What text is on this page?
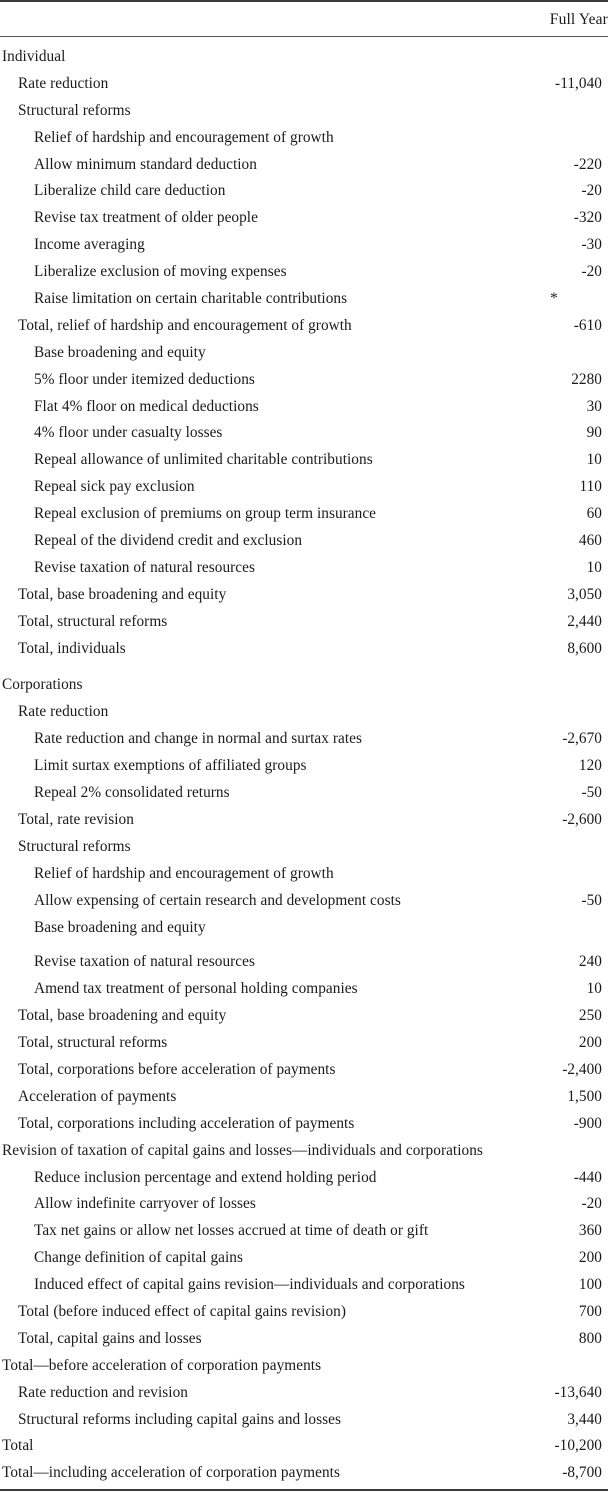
	Full Year

Individual	
Rate reduction	-11,040
Structural reforms	
Relief of hardship and encouragement of growth	
Allow minimum standard deduction	-220
Liberalize child care deduction	-20
Revise tax treatment of older people	-320
Income averaging	-30
Liberalize exclusion of moving expenses	-20
Raise limitation on certain charitable contributions	*
Total, relief of hardship and encouragement of growth	-610
Base broadening and equity	
5% floor under itemized deductions	2280
Flat 4% floor on medical deductions	30
4% floor under casualty losses	90
Repeal allowance of unlimited charitable contributions	10
Repeal sick pay exclusion	110
Repeal exclusion of premiums on group term insurance	60
Repeal of the dividend credit and exclusion	460
Revise taxation of natural resources	10
Total, base broadening and equity	3,050
Total, structural reforms	2,440
Total, individuals	8,600
Corporations	
Rate reduction	
Rate reduction and change in normal and surtax rates	-2,670
Limit surtax exemptions of affiliated groups	120
Repeal 2% consolidated returns	-50
Total, rate revision	-2,600
Structural reforms	
Relief of hardship and encouragement of growth	
Allow expensing of certain research and development costs	-50
Base broadening and equity	
Revise taxation of natural resources	240
Amend tax treatment of personal holding companies	10
Total, base broadening and equity	250
Total, structural reforms	200
Total, corporations before acceleration of payments	-2,400
Acceleration of payments	1,500
Total, corporations including acceleration of payments	-900
Revision of taxation of capital gains and losses—individuals and corporations	
Reduce inclusion percentage and extend holding period	-440
Allow indefinite carryover of losses	-20
Tax net gains or allow net losses accrued at time of death or gift	360
Change definition of capital gains	200
Induced effect of capital gains revision—individuals and corporations	100
Total (before induced effect of capital gains revision)	700
Total, capital gains and losses	800
Total—before acceleration of corporation payments	
Rate reduction and revision	-13,640
Structural reforms including capital gains and losses	3,440
Total	-10,200
Total—including acceleration of corporation payments	-8,700
